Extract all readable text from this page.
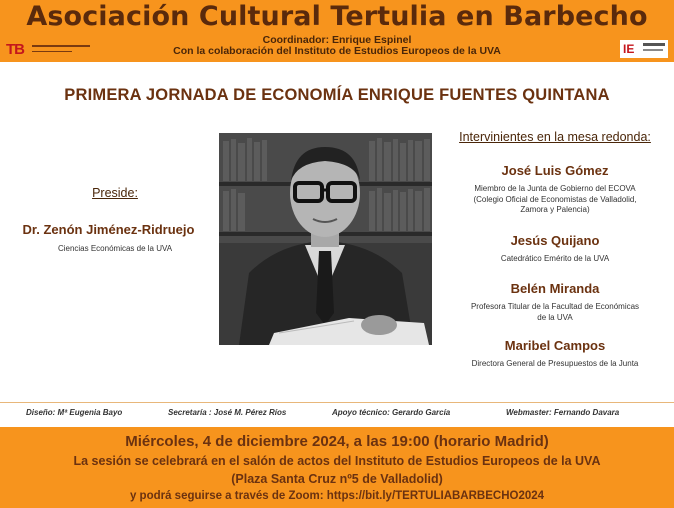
Asociación Cultural Tertulia en Barbecho
Coordinador: Enrique Espinel
Con la colaboración del Instituto de Estudios Europeos de la UVA
TB	IE
PRIMERA JORNADA DE ECONOMÍA ENRIQUE FUENTES QUINTANA
Preside:
Dr. Zenón Jiménez-Ridruejo
Ciencias Económicas de la UVA
Intervinientes en la mesa redonda:
José Luis Gómez
Miembro de la Junta de Gobierno del ECOVA
(Colegio Oficial de Economistas de Valladolid,
Zamora y Palencia)
Jesús Quijano
Catedrático Emérito de la UVA
Belén Miranda
Profesora Titular de la Facultad de Económicas
de la UVA
Maribel Campos
Directora General de Presupuestos de la Junta
Diseño: Mª Eugenia Bayo	Secretaría : José M. Pérez Ríos	Apoyo técnico: Gerardo García	Webmaster: Fernando Davara
Miércoles, 4 de diciembre 2024, a las 19:00 (horario Madrid)
La sesión se celebrará en el salón de actos del Instituto de Estudios Europeos de la UVA
(Plaza Santa Cruz nº5 de Valladolid)
y podrá seguirse a través de Zoom: https://bit.ly/TERTULIABARBECHO2024
